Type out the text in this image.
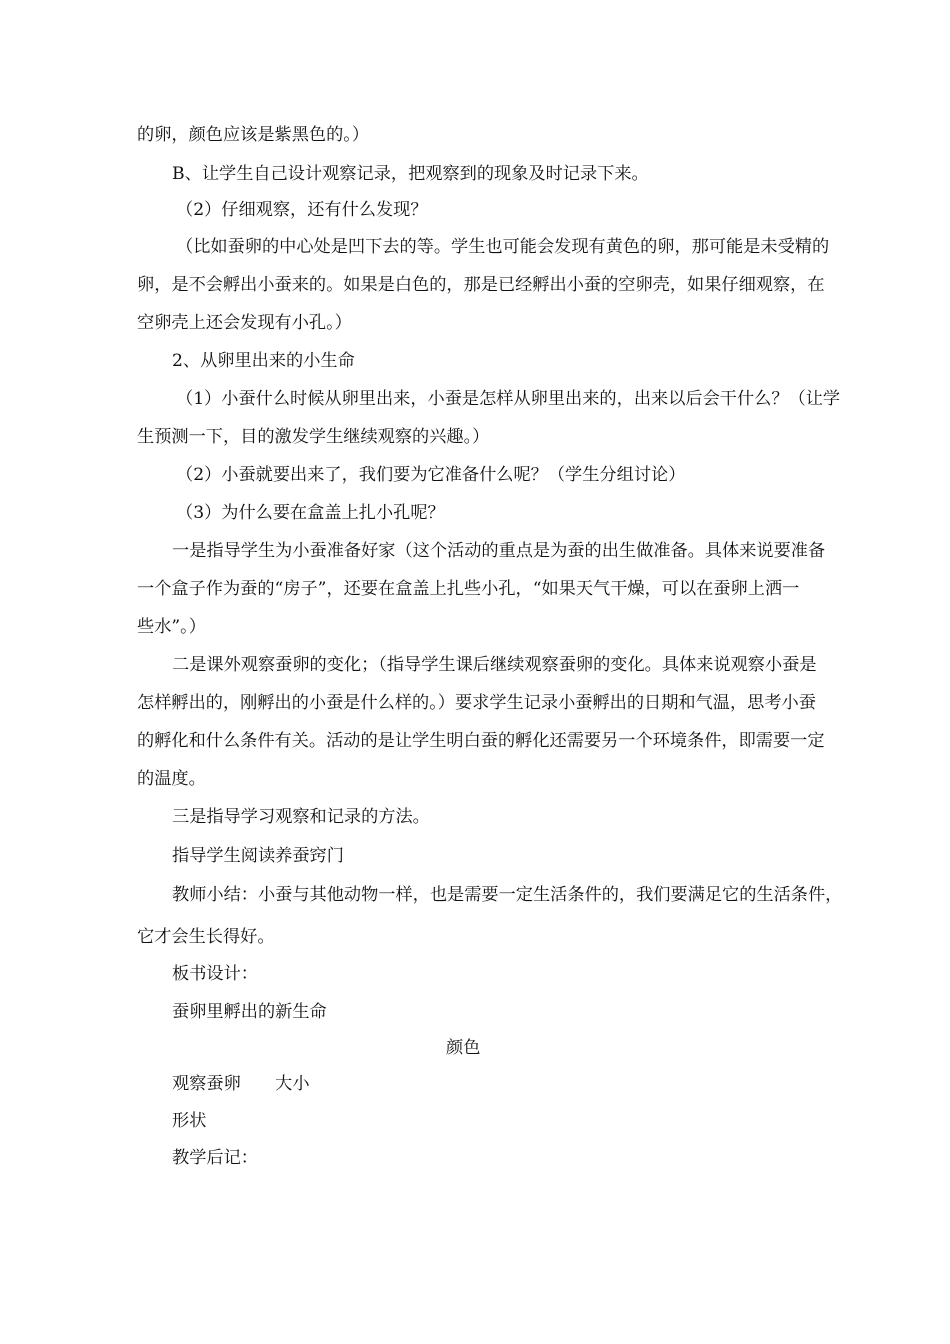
的卵，颜色应该是紫黑色的。）
B、让学生自己设计观察记录，把观察到的现象及时记录下来。
（2）仔细观察，还有什么发现？
（比如蚕卵的中心处是凹下去的等。学生也可能会发现有黄色的卵，那可能是未受精的
卵，是不会孵出小蚕来的。如果是白色的，那是已经孵出小蚕的空卵壳，如果仔细观察，在
空卵壳上还会发现有小孔。）
2、从卵里出来的小生命
（1）小蚕什么时候从卵里出来，小蚕是怎样从卵里出来的，出来以后会干什么？（让学
生预测一下，目的激发学生继续观察的兴趣。）
（2）小蚕就要出来了，我们要为它准备什么呢？（学生分组讨论）
（3）为什么要在盒盖上扎小孔呢？
一是指导学生为小蚕准备好家（这个活动的重点是为蚕的出生做准备。具体来说要准备
一个盒子作为蚕的“房子”，还要在盒盖上扎些小孔，“如果天气干燥，可以在蚕卵上洒一
些水”。）
二是课外观察蚕卵的变化；（指导学生课后继续观察蚕卵的变化。具体来说观察小蚕是
怎样孵出的，刚孵出的小蚕是什么样的。）要求学生记录小蚕孵出的日期和气温，思考小蚕
的孵化和什么条件有关。活动的是让学生明白蚕的孵化还需要另一个环境条件，即需要一定
的温度。
三是指导学习观察和记录的方法。
指导学生阅读养蚕窍门
教师小结：小蚕与其他动物一样，也是需要一定生活条件的，我们要满足它的生活条件，
它才会生长得好。
板书设计：
蚕卵里孵出的新生命
颜色
观察蚕卵　　大小
形状
教学后记：
